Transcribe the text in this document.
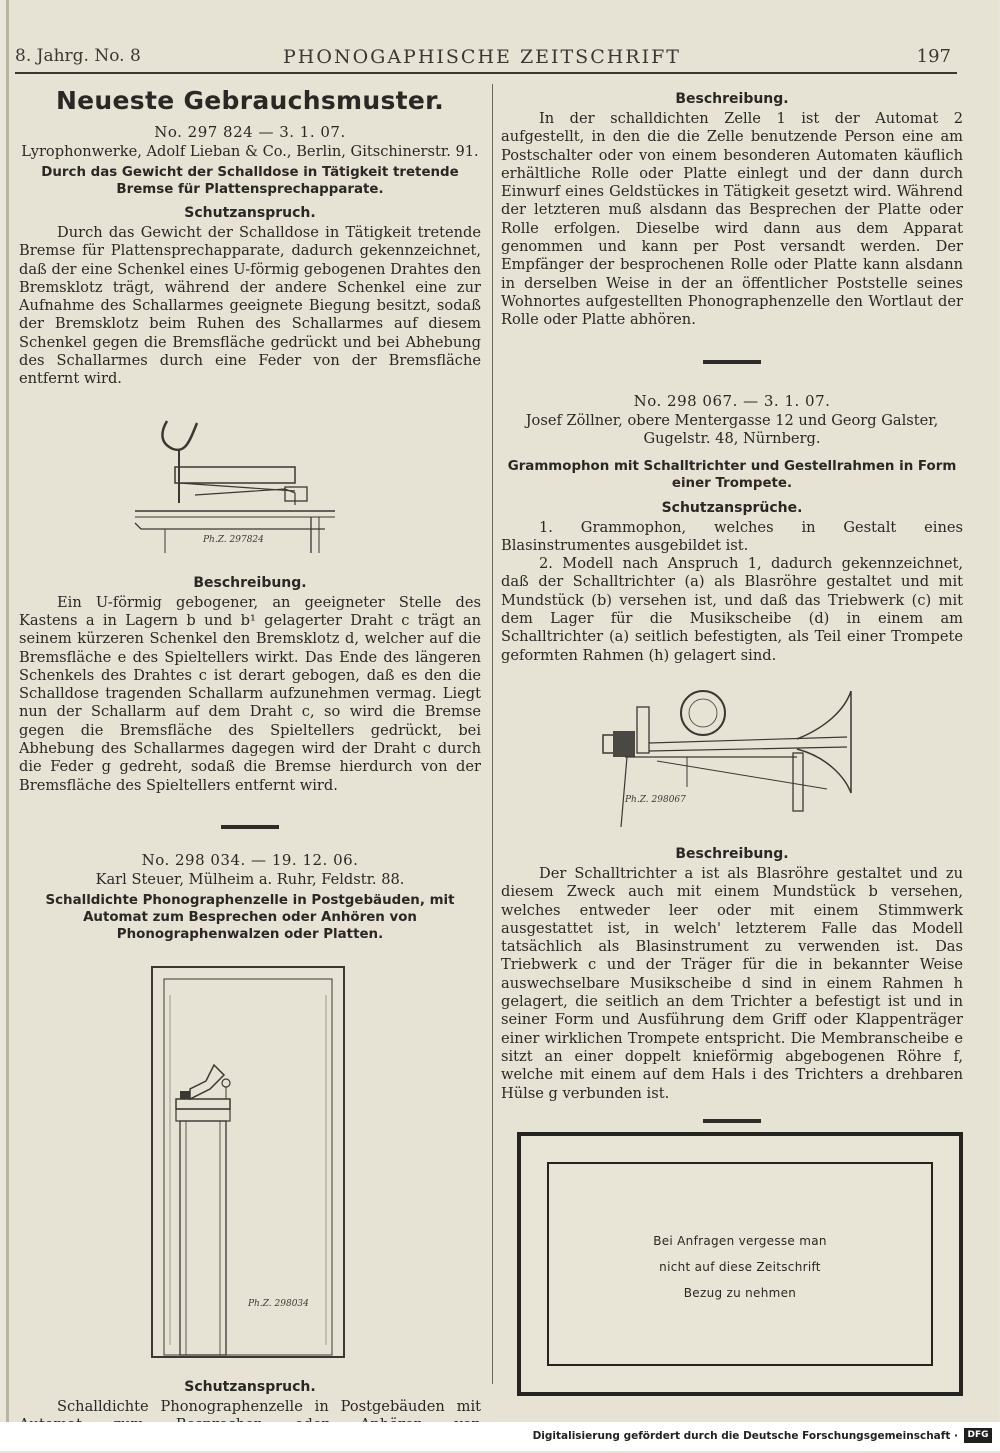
8. Jahrg. No. 8	PHONOGAPHISCHE ZEITSCHRIFT	197
Neueste Gebrauchsmuster.
No. 297 824 — 3. 1. 07.
Lyrophonwerke, Adolf Lieban & Co., Berlin, Gitschinerstr. 91.
Durch das Gewicht der Schalldose in Tätigkeit tretende Bremse für Plattensprechapparate.
Schutzanspruch.

Durch das Gewicht der Schalldose in Tätigkeit tretende Bremse für Plattensprechapparate, dadurch gekennzeichnet, daß der eine Schenkel eines U-förmig gebogenen Drahtes den Bremsklotz trägt, während der andere Schenkel eine zur Aufnahme des Schallarmes geeignete Biegung besitzt, sodaß der Bremsklotz beim Ruhen des Schallarmes auf diesem Schenkel gegen die Bremsfläche gedrückt und bei Abhebung des Schallarmes durch eine Feder von der Bremsfläche entfernt wird.

Ph.Z. 297824
Beschreibung.

Ein U-förmig gebogener, an geeigneter Stelle des Kastens a in Lagern b und b¹ gelagerter Draht c trägt an seinem kürzeren Schenkel den Bremsklotz d, welcher auf die Bremsfläche e des Spieltellers wirkt. Das Ende des längeren Schenkels des Drahtes c ist derart gebogen, daß es den die Schalldose tragenden Schallarm aufzunehmen vermag. Liegt nun der Schallarm auf dem Draht c, so wird die Bremse gegen die Bremsfläche des Spieltellers gedrückt, bei Abhebung des Schallarmes dagegen wird der Draht c durch die Feder g gedreht, sodaß die Bremse hierdurch von der Bremsfläche des Spieltellers entfernt wird.

No. 298 034. — 19. 12. 06.
Karl Steuer, Mülheim a. Ruhr, Feldstr. 88.
Schalldichte Phonographenzelle in Postgebäuden, mit Automat zum Besprechen oder Anhören von Phonographenwalzen oder Platten.
Ph.Z. 298034
Schutzanspruch.

Schalldichte Phonographenzelle in Postgebäuden mit

Beschreibung.

In der schalldichten Zelle 1 ist der Automat 2 aufgestellt, in den die die Zelle benutzende Person eine am Postschalter oder von einem besonderen Automaten käuflich erhältliche Rolle oder Platte einlegt und der dann durch Einwurf eines Geldstückes in Tätigkeit gesetzt wird. Während der letzteren muß alsdann das Besprechen der Platte oder Rolle erfolgen. Dieselbe wird dann aus dem Apparat genommen und kann per Post versandt werden. Der Empfänger der besprochenen Rolle oder Platte kann alsdann in derselben Weise in der an öffentlicher Poststelle seines Wohnortes aufgestellten Phonographenzelle den Wortlaut der Rolle oder Platte abhören.

No. 298 067. — 3. 1. 07.
Josef Zöllner, obere Mentergasse 12 und Georg Galster, Gugelstr. 48, Nürnberg.
Grammophon mit Schalltrichter und Gestellrahmen in Form einer Trompete.
Schutzansprüche.

1. Grammophon, welches in Gestalt eines Blasinstrumentes ausgebildet ist.

2. Modell nach Anspruch 1, dadurch gekennzeichnet, daß der Schalltrichter (a) als Blasröhre gestaltet und mit Mundstück (b) versehen ist, und daß das Triebwerk (c) mit dem Lager für die Musikscheibe (d) in einem am Schalltrichter (a) seitlich befestigten, als Teil einer Trompete geformten Rahmen (h) gelagert sind.

Ph.Z. 298067
Beschreibung.

Der Schalltrichter a ist als Blasröhre gestaltet und zu diesem Zweck auch mit einem Mundstück b versehen, welches entweder leer oder mit einem Stimmwerk ausgestattet ist, in welch' letzterem Falle das Modell tatsächlich als Blasinstrument zu verwenden ist. Das Triebwerk c und der Träger für die in bekannter Weise auswechselbare Musikscheibe d sind in einem Rahmen h gelagert, die seitlich an dem Trichter a befestigt ist und in seiner Form und Ausführung dem Griff oder Klappenträger einer wirklichen Trompete entspricht. Die Membranscheibe e sitzt an einer doppelt knieförmig abgebogenen Röhre f, welche mit einem auf dem Hals i des Trichters a drehbaren Hülse g verbunden ist.

Bei Anfragen vergesse man
nicht auf diese Zeitschrift
Bezug zu nehmen
Digitalisierung gefördert durch die Deutsche Forschungsgemeinschaft ·	DFG
